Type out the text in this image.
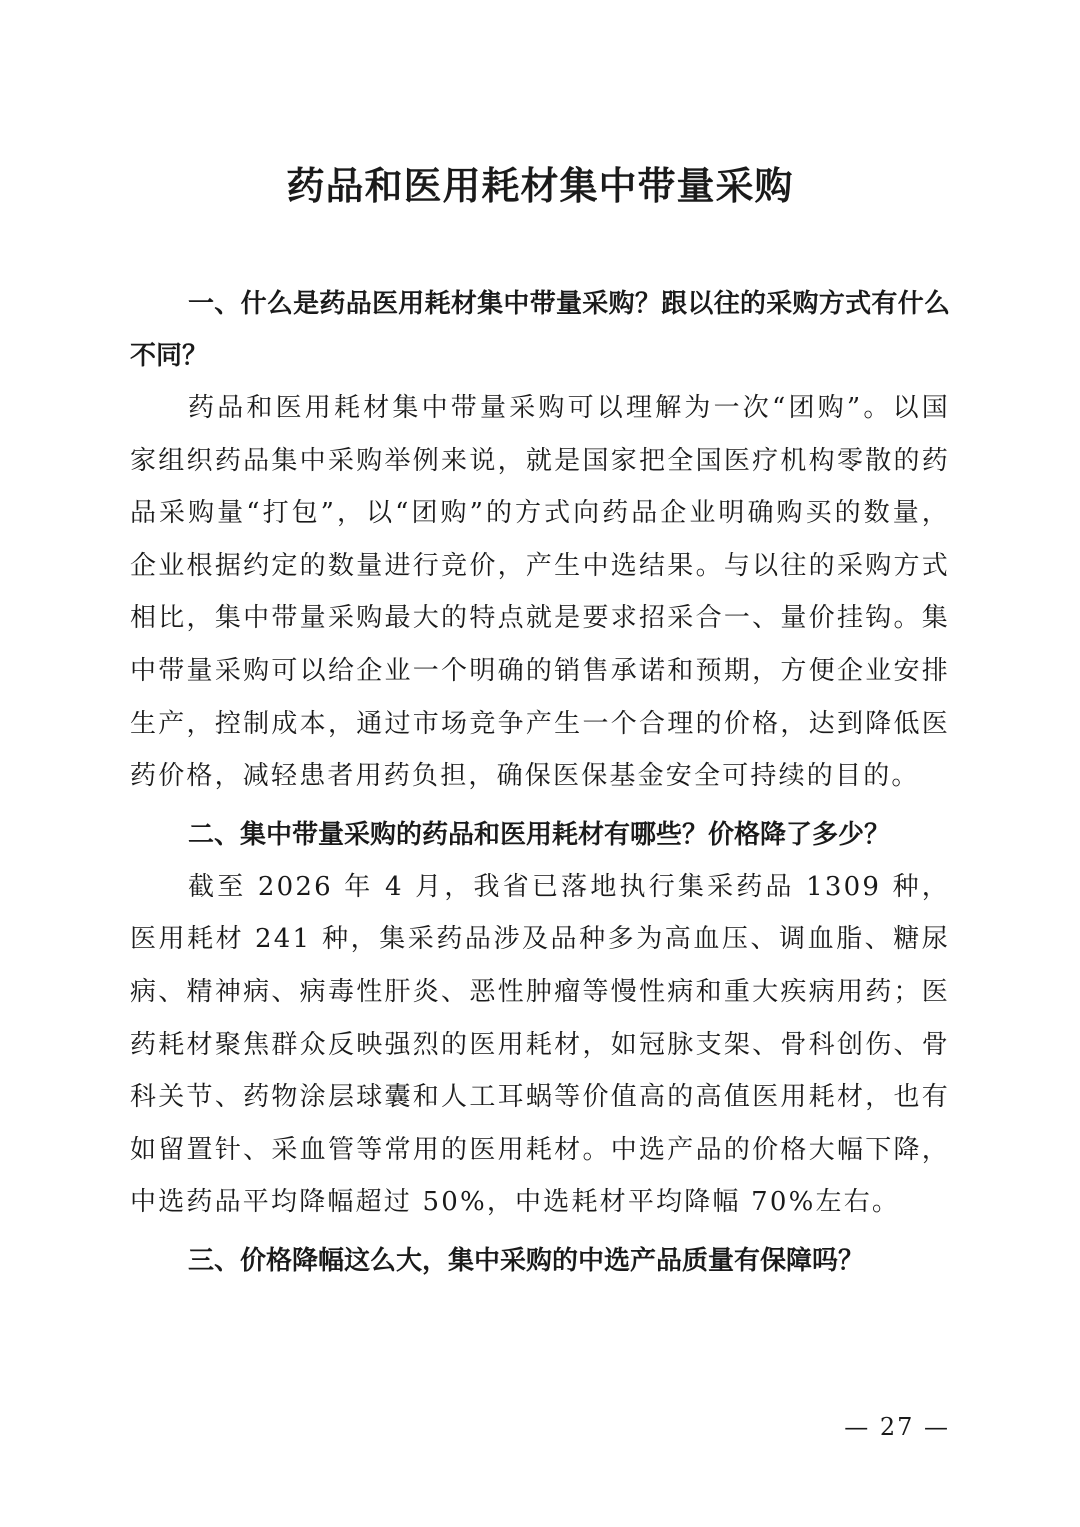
药品和医用耗材集中带量采购

一、什么是药品医用耗材集中带量采购？跟以往的采购方式有什么不同？

药品和医用耗材集中带量采购可以理解为一次“团购”。以国家组织药品集中采购举例来说，就是国家把全国医疗机构零散的药品采购量“打包”，以“团购”的方式向药品企业明确购买的数量，企业根据约定的数量进行竞价，产生中选结果。与以往的采购方式相比，集中带量采购最大的特点就是要求招采合一、量价挂钩。集中带量采购可以给企业一个明确的销售承诺和预期，方便企业安排生产，控制成本，通过市场竞争产生一个合理的价格，达到降低医药价格，减轻患者用药负担，确保医保基金安全可持续的目的。

二、集中带量采购的药品和医用耗材有哪些？价格降了多少？

截至 2026 年 4 月，我省已落地执行集采药品 1309 种，医用耗材 241 种，集采药品涉及品种多为高血压、调血脂、糖尿病、精神病、病毒性肝炎、恶性肿瘤等慢性病和重大疾病用药；医药耗材聚焦群众反映强烈的医用耗材，如冠脉支架、骨科创伤、骨科关节、药物涂层球囊和人工耳蜗等价值高的高值医用耗材，也有如留置针、采血管等常用的医用耗材。中选产品的价格大幅下降，中选药品平均降幅超过 50%，中选耗材平均降幅 70%左右。

三、价格降幅这么大，集中采购的中选产品质量有保障吗？

— 27 —
